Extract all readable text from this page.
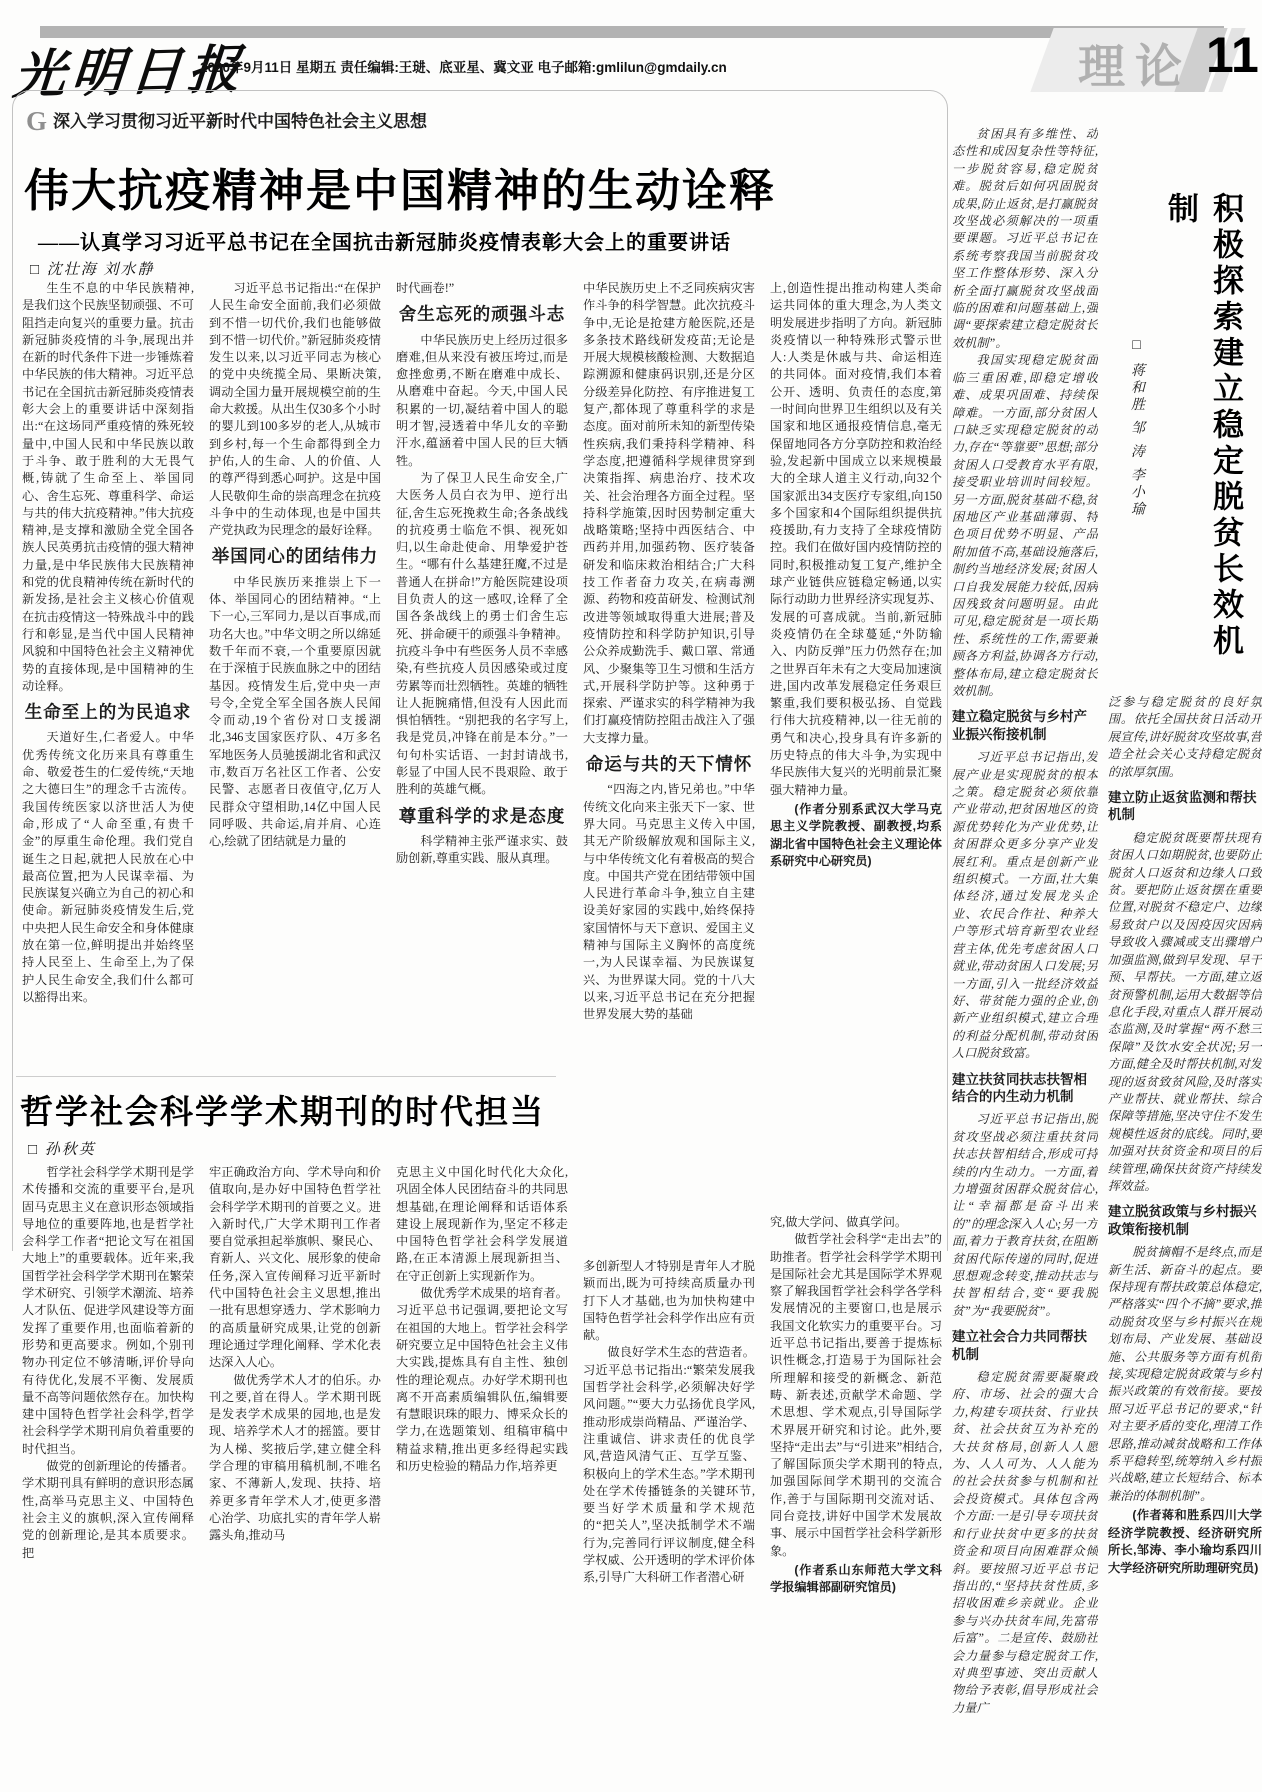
光明日报
2020年9月11日 星期五 责任编辑:王琎、底亚星、冀文亚 电子邮箱:gmlilun@gmdaily.cn	理论 11
G深入学习贯彻习近平新时代中国特色社会主义思想
伟大抗疫精神是中国精神的生动诠释
——认真学习习近平总书记在全国抗击新冠肺炎疫情表彰大会上的重要讲话
□ 沈壮海 刘水静

生生不息的中华民族精神,是我们这个民族坚韧顽强、不可阻挡走向复兴的重要力量。抗击新冠肺炎疫情的斗争,展现出并在新的时代条件下进一步锤炼着中华民族的伟大精神。习近平总书记在全国抗击新冠肺炎疫情表彰大会上的重要讲话中深刻指出:“在这场同严重疫情的殊死较量中,中国人民和中华民族以敢于斗争、敢于胜利的大无畏气概,铸就了生命至上、举国同心、舍生忘死、尊重科学、命运与共的伟大抗疫精神。”伟大抗疫精神,是支撑和激励全党全国各族人民英勇抗击疫情的强大精神力量,是中华民族伟大民族精神和党的优良精神传统在新时代的新发扬,是社会主义核心价值观在抗击疫情这一特殊战斗中的践行和彰显,是当代中国人民精神风貌和中国特色社会主义精神优势的直接体现,是中国精神的生动诠释。

生命至上的为民追求

天道好生,仁者爱人。中华优秀传统文化历来具有尊重生命、敬爱苍生的仁爱传统,“天地之大德曰生”的理念千古流传。我国传统医家以济世活人为使命,形成了“人命至重,有贵千金”的厚重生命伦理。我们党自诞生之日起,就把人民放在心中最高位置,把为人民谋幸福、为民族谋复兴确立为自己的初心和使命。新冠肺炎疫情发生后,党中央把人民生命安全和身体健康放在第一位,鲜明提出并始终坚持人民至上、生命至上,为了保护人民生命安全,我们什么都可以豁得出来。

习近平总书记指出:“在保护人民生命安全面前,我们必须做到不惜一切代价,我们也能够做到不惜一切代价。”新冠肺炎疫情发生以来,以习近平同志为核心的党中央统揽全局、果断决策,调动全国力量开展规模空前的生命大救援。从出生仅30多个小时的婴儿到100多岁的老人,从城市到乡村,每一个生命都得到全力护佑,人的生命、人的价值、人的尊严得到悉心呵护。这是中国人民敬仰生命的崇高理念在抗疫斗争中的生动体现,也是中国共产党执政为民理念的最好诠释。

举国同心的团结伟力

中华民族历来推崇上下一体、举国同心的团结精神。“上下一心,三军同力,是以百事成,而功名大也。”中华文明之所以绵延数千年而不衰,一个重要原因就在于深植于民族血脉之中的团结基因。疫情发生后,党中央一声号令,全党全军全国各族人民闻令而动,19个省份对口支援湖北,346支国家医疗队、4万多名军地医务人员驰援湖北省和武汉市,数百万名社区工作者、公安民警、志愿者日夜值守,亿万人民群众守望相助,14亿中国人民同呼吸、共命运,肩并肩、心连心,绘就了团结就是力量的

时代画卷!”

舍生忘死的顽强斗志

中华民族历史上经历过很多磨难,但从来没有被压垮过,而是愈挫愈勇,不断在磨难中成长、从磨难中奋起。今天,中国人民积累的一切,凝结着中国人的聪明才智,浸透着中华儿女的辛勤汗水,蕴涵着中国人民的巨大牺牲。

为了保卫人民生命安全,广大医务人员白衣为甲、逆行出征,舍生忘死挽救生命;各条战线的抗疫勇士临危不惧、视死如归,以生命赴使命、用挚爱护苍生。“哪有什么基建狂魔,不过是普通人在拼命!”方舱医院建设项目负责人的这一感叹,诠释了全国各条战线上的勇士们舍生忘死、拼命硬干的顽强斗争精神。抗疫斗争中有些医务人员不幸感染,有些抗疫人员因感染或过度劳累等而壮烈牺牲。英雄的牺牲让人扼腕痛惜,但没有人因此而惧怕牺牲。“别把我的名字写上,我是党员,冲锋在前是本分。”一句句朴实话语、一封封请战书,彰显了中国人民不畏艰险、敢于胜利的英雄气概。

尊重科学的求是态度

科学精神主张严谨求实、鼓励创新,尊重实践、服从真理。

中华民族历史上不乏同疾病灾害作斗争的科学智慧。此次抗疫斗争中,无论是抢建方舱医院,还是多条技术路线研发疫苗;无论是开展大规模核酸检测、大数据追踪溯源和健康码识别,还是分区分级差异化防控、有序推进复工复产,都体现了尊重科学的求是态度。面对前所未知的新型传染性疾病,我们秉持科学精神、科学态度,把遵循科学规律贯穿到决策指挥、病患治疗、技术攻关、社会治理各方面全过程。坚持科学施策,因时因势制定重大战略策略;坚持中西医结合、中西药并用,加强药物、医疗装备研发和临床救治相结合;广大科技工作者奋力攻关,在病毒溯源、药物和疫苗研发、检测试剂改进等领域取得重大进展;普及疫情防控和科学防护知识,引导公众养成勤洗手、戴口罩、常通风、少聚集等卫生习惯和生活方式,开展科学防护等。这种勇于探索、严谨求实的科学精神为我们打赢疫情防控阻击战注入了强大支撑力量。

命运与共的天下情怀

“四海之内,皆兄弟也。”中华传统文化向来主张天下一家、世界大同。马克思主义传入中国,其无产阶级解放观和国际主义,与中华传统文化有着极高的契合度。中国共产党在团结带领中国人民进行革命斗争,独立自主建设美好家园的实践中,始终保持家国情怀与天下意识、爱国主义精神与国际主义胸怀的高度统一,为人民谋幸福、为民族谋复兴、为世界谋大同。党的十八大以来,习近平总书记在充分把握世界发展大势的基础

上,创造性提出推动构建人类命运共同体的重大理念,为人类文明发展进步指明了方向。新冠肺炎疫情以一种特殊形式警示世人:人类是休戚与共、命运相连的共同体。面对疫情,我们本着公开、透明、负责任的态度,第一时间向世界卫生组织以及有关国家和地区通报疫情信息,毫无保留地同各方分享防控和救治经验,发起新中国成立以来规模最大的全球人道主义行动,向32个国家派出34支医疗专家组,向150多个国家和4个国际组织提供抗疫援助,有力支持了全球疫情防控。我们在做好国内疫情防控的同时,积极推动复工复产,维护全球产业链供应链稳定畅通,以实际行动助力世界经济实现复苏、发展的可喜成就。当前,新冠肺炎疫情仍在全球蔓延,“外防输入、内防反弹”压力仍然存在;加之世界百年未有之大变局加速演进,国内改革发展稳定任务艰巨繁重,我们要积极弘扬、自觉践行伟大抗疫精神,以一往无前的勇气和决心,投身具有许多新的历史特点的伟大斗争,为实现中华民族伟大复兴的光明前景汇聚强大精神力量。

(作者分别系武汉大学马克思主义学院教授、副教授,均系湖北省中国特色社会主义理论体系研究中心研究员)

哲学社会科学学术期刊的时代担当
□ 孙秋英

哲学社会科学学术期刊是学术传播和交流的重要平台,是巩固马克思主义在意识形态领域指导地位的重要阵地,也是哲学社会科学工作者“把论文写在祖国大地上”的重要载体。近年来,我国哲学社会科学学术期刊在繁荣学术研究、引领学术潮流、培养人才队伍、促进学风建设等方面发挥了重要作用,也面临着新的形势和更高要求。例如,个别刊物办刊定位不够清晰,评价导向有待优化,发展不平衡、发展质量不高等问题依然存在。加快构建中国特色哲学社会科学,哲学社会科学学术期刊肩负着重要的时代担当。

做党的创新理论的传播者。学术期刊具有鲜明的意识形态属性,高举马克思主义、中国特色社会主义的旗帜,深入宣传阐释党的创新理论,是其本质要求。把

牢正确政治方向、学术导向和价值取向,是办好中国特色哲学社会科学学术期刊的首要之义。进入新时代,广大学术期刊工作者要自觉承担起举旗帜、聚民心、育新人、兴文化、展形象的使命任务,深入宣传阐释习近平新时代中国特色社会主义思想,推出一批有思想穿透力、学术影响力的高质量研究成果,让党的创新理论通过学理化阐释、学术化表达深入人心。

做优秀学术人才的伯乐。办刊之要,首在得人。学术期刊既是发表学术成果的园地,也是发现、培养学术人才的摇篮。要甘为人梯、奖掖后学,建立健全科学合理的审稿用稿机制,不唯名家、不薄新人,发现、扶持、培养更多青年学术人才,使更多潜心治学、功底扎实的青年学人崭露头角,推动马

克思主义中国化时代化大众化,巩固全体人民团结奋斗的共同思想基础,在理论阐释和话语体系建设上展现新作为,坚定不移走中国特色哲学社会科学发展道路,在正本清源上展现新担当、在守正创新上实现新作为。

做优秀学术成果的培育者。习近平总书记强调,要把论文写在祖国的大地上。哲学社会科学研究要立足中国特色社会主义伟大实践,提炼具有自主性、独创性的理论观点。办好学术期刊也离不开高素质编辑队伍,编辑要有慧眼识珠的眼力、博采众长的学力,在选题策划、组稿审稿中精益求精,推出更多经得起实践和历史检验的精品力作,培养更

多创新型人才特别是青年人才脱颖而出,既为可持续高质量办刊打下人才基础,也为加快构建中国特色哲学社会科学作出应有贡献。

做良好学术生态的营造者。习近平总书记指出:“繁荣发展我国哲学社会科学,必须解决好学风问题。”“要大力弘扬优良学风,推动形成崇尚精品、严谨治学、注重诚信、讲求责任的优良学风,营造风清气正、互学互鉴、积极向上的学术生态。”学术期刊处在学术传播链条的关键环节,要当好学术质量和学术规范的“把关人”,坚决抵制学术不端行为,完善同行评议制度,健全科学权威、公开透明的学术评价体系,引导广大科研工作者潜心研

究,做大学问、做真学问。

做哲学社会科学“走出去”的助推者。哲学社会科学学术期刊是国际社会尤其是国际学术界观察了解我国哲学社会科学各学科发展情况的主要窗口,也是展示我国文化软实力的重要平台。习近平总书记指出,要善于提炼标识性概念,打造易于为国际社会所理解和接受的新概念、新范畴、新表述,贡献学术命题、学术思想、学术观点,引导国际学术界展开研究和讨论。此外,要坚持“走出去”与“引进来”相结合,了解国际顶尖学术期刊的特点,加强国际间学术期刊的交流合作,善于与国际期刊交流对话、同台竞技,讲好中国学术发展故事、展示中国哲学社会科学新形象。

(作者系山东师范大学文科学报编辑部副研究馆员)

积极探索建立稳定脱贫长效机制
□ 蒋和胜 邹 涛 李小瑜

贫困具有多维性、动态性和成因复杂性等特征,一步脱贫容易,稳定脱贫难。脱贫后如何巩固脱贫成果,防止返贫,是打赢脱贫攻坚战必须解决的一项重要课题。习近平总书记在系统考察我国当前脱贫攻坚工作整体形势、深入分析全面打赢脱贫攻坚战面临的困难和问题基础上,强调“要探索建立稳定脱贫长效机制”。

我国实现稳定脱贫面临三重困难,即稳定增收难、成果巩固难、持续保障难。一方面,部分贫困人口缺乏实现稳定脱贫的动力,存在“等靠要”思想;部分贫困人口受教育水平有限,接受职业培训时间较短。另一方面,脱贫基础不稳,贫困地区产业基础薄弱、特色项目优势不明显、产品附加值不高,基础设施落后,制约当地经济发展;贫困人口自我发展能力较低,因病因残致贫问题明显。由此可见,稳定脱贫是一项长期性、系统性的工作,需要兼顾各方利益,协调各方行动,整体布局,建立稳定脱贫长效机制。

建立稳定脱贫与乡村产业振兴衔接机制

习近平总书记指出,发展产业是实现脱贫的根本之策。稳定脱贫必须依靠产业带动,把贫困地区的资源优势转化为产业优势,让贫困群众更多分享产业发展红利。重点是创新产业组织模式。一方面,壮大集体经济,通过发展龙头企业、农民合作社、种养大户等形式培育新型农业经营主体,优先考虑贫困人口就业,带动贫困人口发展;另一方面,引入一批经济效益好、带贫能力强的企业,创新产业组织模式,建立合理的利益分配机制,带动贫困人口脱贫致富。

建立扶贫同扶志扶智相结合的内生动力机制

习近平总书记指出,脱贫攻坚战必须注重扶贫同扶志扶智相结合,形成可持续的内生动力。一方面,着力增强贫困群众脱贫信心,让“幸福都是奋斗出来的”的理念深入人心;另一方面,着力于教育扶贫,在阻断贫困代际传递的同时,促进思想观念转变,推动扶志与扶智相结合,变“要我脱贫”为“我要脱贫”。

建立社会合力共同帮扶机制

稳定脱贫需要凝聚政府、市场、社会的强大合力,构建专项扶贫、行业扶贫、社会扶贫互为补充的大扶贫格局,创新人人愿为、人人可为、人人能为的社会扶贫参与机制和社会投资模式。具体包含两个方面:一是引导专项扶贫和行业扶贫中更多的扶贫资金和项目向困难群众倾斜。要按照习近平总书记指出的,“坚持扶贫性质,多招收困难乡亲就业。企业参与兴办扶贫车间,先富带后富”。二是宣传、鼓励社会力量参与稳定脱贫工作,对典型事迹、突出贡献人物给予表彰,倡导形成社会力量广

泛参与稳定脱贫的良好氛围。依托全国扶贫日活动开展宣传,讲好脱贫攻坚故事,营造全社会关心支持稳定脱贫的浓厚氛围。

建立防止返贫监测和帮扶机制

稳定脱贫既要帮扶现有贫困人口如期脱贫,也要防止脱贫人口返贫和边缘人口致贫。要把防止返贫摆在重要位置,对脱贫不稳定户、边缘易致贫户以及因疫因灾因病导致收入骤减或支出骤增户加强监测,做到早发现、早干预、早帮扶。一方面,建立返贫预警机制,运用大数据等信息化手段,对重点人群开展动态监测,及时掌握“两不愁三保障”及饮水安全状况;另一方面,健全及时帮扶机制,对发现的返贫致贫风险,及时落实产业帮扶、就业帮扶、综合保障等措施,坚决守住不发生规模性返贫的底线。同时,要加强对扶贫资金和项目的后续管理,确保扶贫资产持续发挥效益。

建立脱贫政策与乡村振兴政策衔接机制

脱贫摘帽不是终点,而是新生活、新奋斗的起点。要保持现有帮扶政策总体稳定,严格落实“四个不摘”要求,推动脱贫攻坚与乡村振兴在规划布局、产业发展、基础设施、公共服务等方面有机衔接,实现稳定脱贫政策与乡村振兴政策的有效衔接。要按照习近平总书记的要求,“针对主要矛盾的变化,理清工作思路,推动减贫战略和工作体系平稳转型,统筹纳入乡村振兴战略,建立长短结合、标本兼治的体制机制”。

(作者蒋和胜系四川大学经济学院教授、经济研究所所长,邹涛、李小瑜均系四川大学经济研究所助理研究员)
